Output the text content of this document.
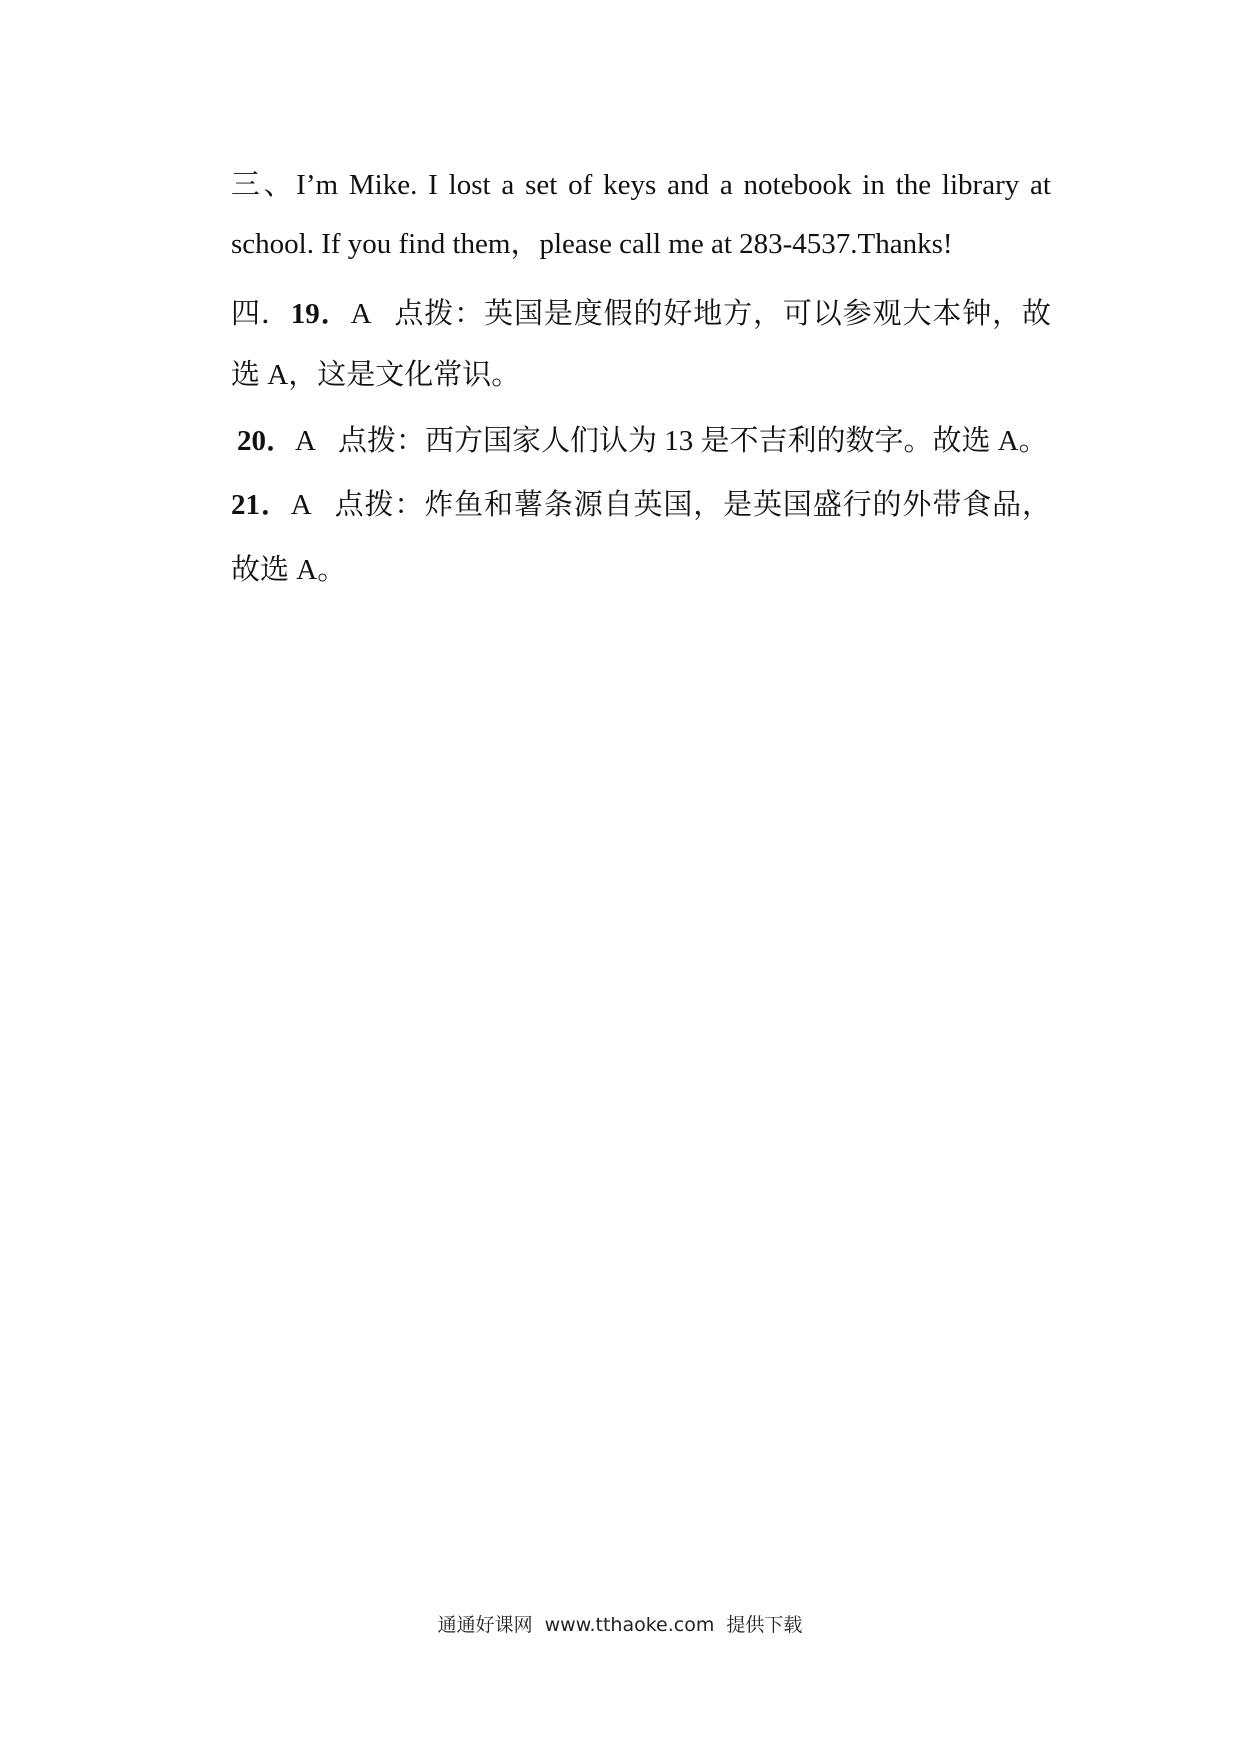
三、I’m Mike. I lost a set of keys and a notebook in the library at
school. If you find them，please call me at 283-4537.Thanks!
四．19．A 点拨：英国是度假的好地方，可以参观大本钟，故
选 A，这是文化常识。
20．A 点拨：西方国家人们认为 13 是不吉利的数字。故选 A。
21．A 点拨：炸鱼和薯条源自英国，是英国盛行的外带食品，
故选 A。
通通好课网 www.tthaoke.com 提供下载
